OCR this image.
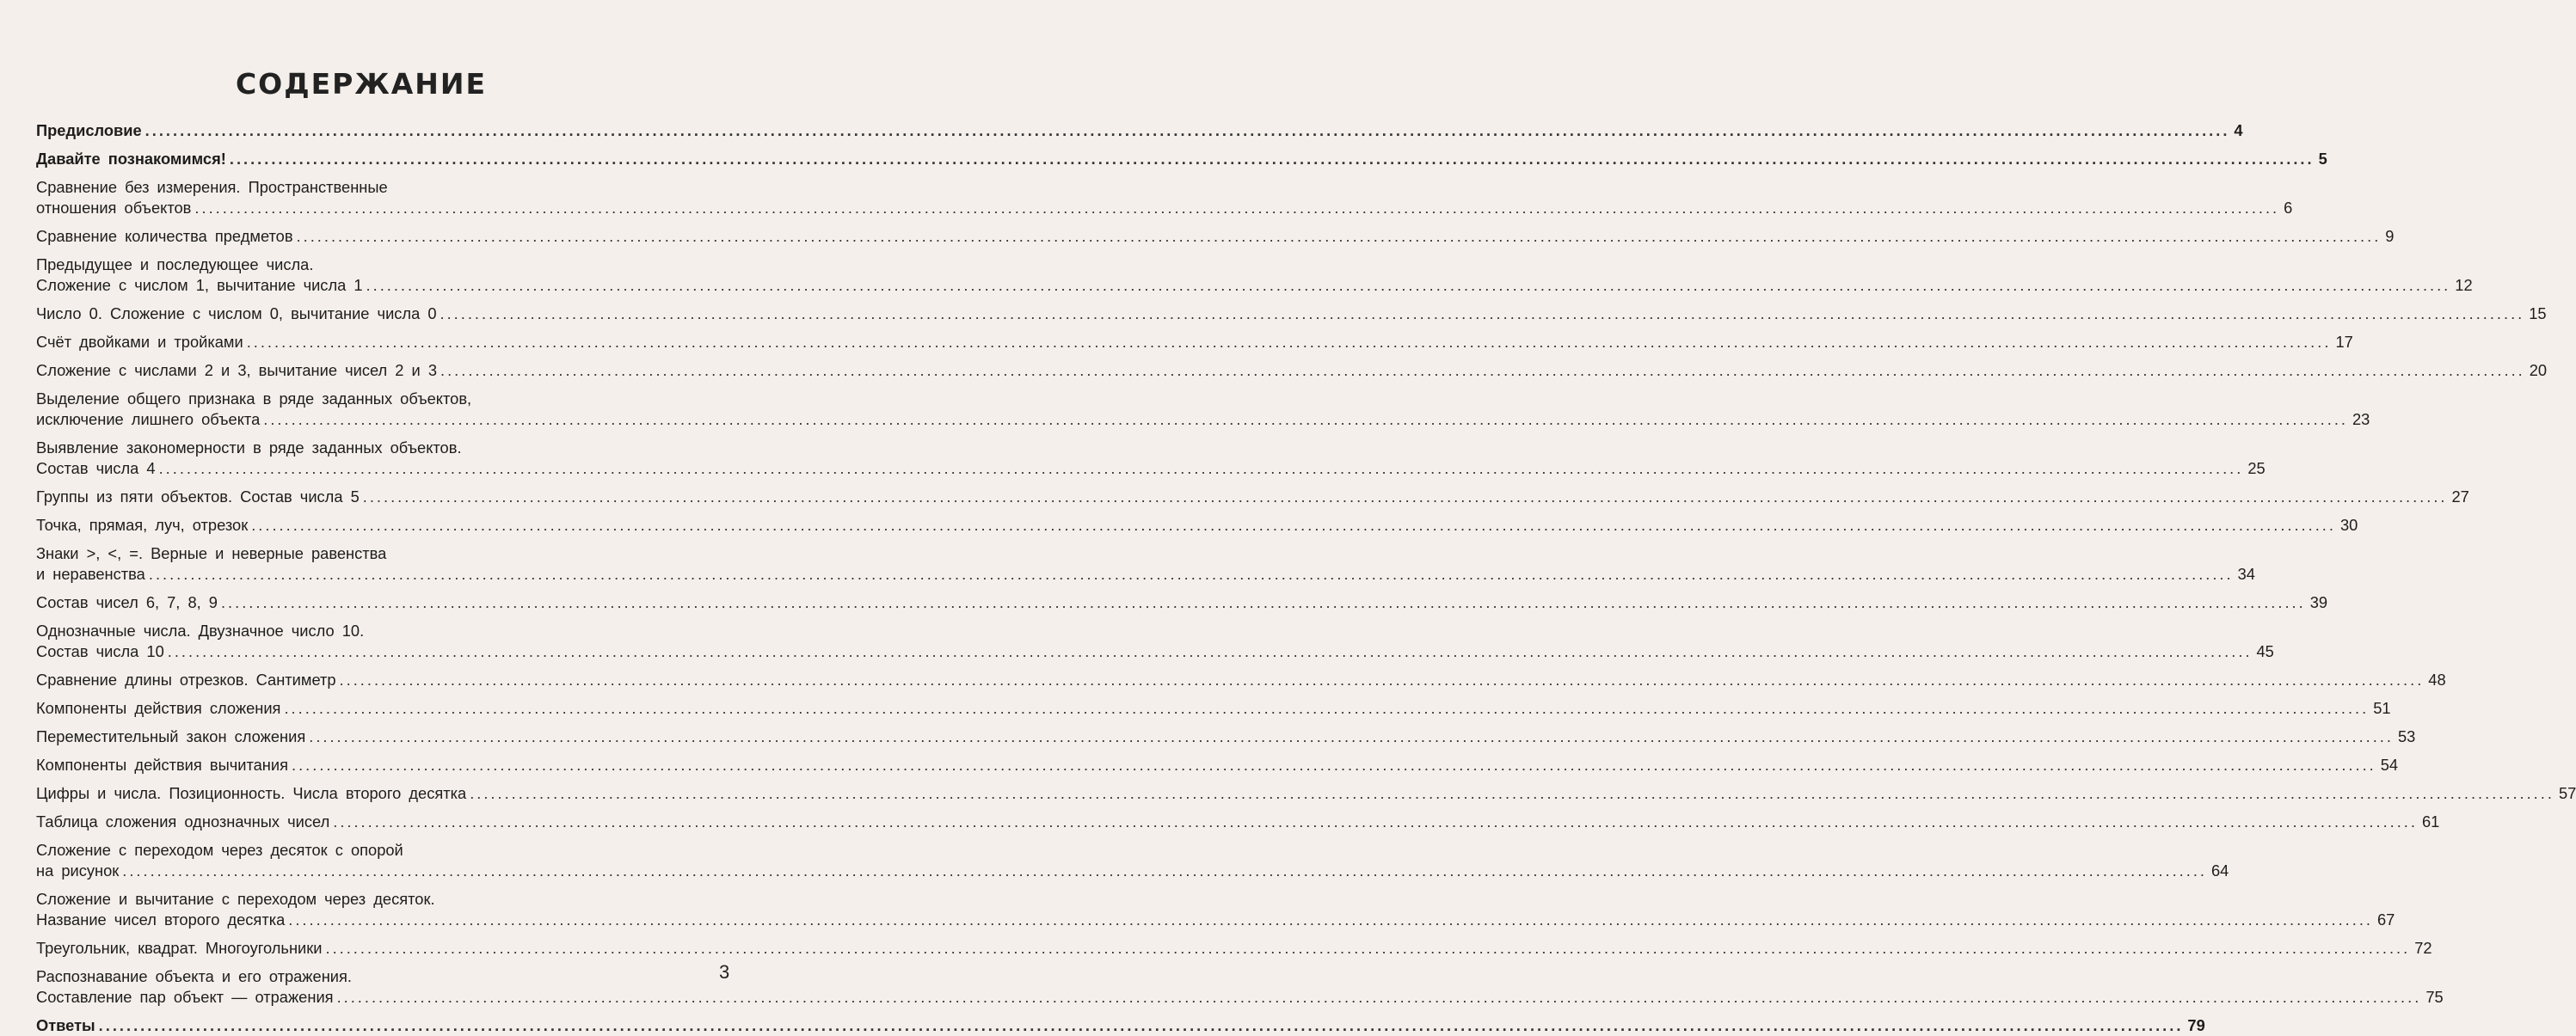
СОДЕРЖАНИЕ
Предисловие ............................................................................................................................................................................................................................................................................................................ 4
Давайте познакомимся! ............................................................................................................................................................................................................................................................................................................ 5
Сравнение без измерения. Пространственные
отношения объектов ............................................................................................................................................................................................................................................................................................................ 6
Сравнение количества предметов ............................................................................................................................................................................................................................................................................................................ 9
Предыдущее и последующее числа.
Сложение с числом 1, вычитание числа 1 ............................................................................................................................................................................................................................................................................................................ 12
Число 0. Сложение с числом 0, вычитание числа 0 ............................................................................................................................................................................................................................................................................................................ 15
Счёт двойками и тройками ............................................................................................................................................................................................................................................................................................................ 17
Сложение с числами 2 и 3, вычитание чисел 2 и 3 ............................................................................................................................................................................................................................................................................................................ 20
Выделение общего признака в ряде заданных объектов,
исключение лишнего объекта ............................................................................................................................................................................................................................................................................................................ 23
Выявление закономерности в ряде заданных объектов.
Состав числа 4 ............................................................................................................................................................................................................................................................................................................ 25
Группы из пяти объектов. Состав числа 5 ............................................................................................................................................................................................................................................................................................................ 27
Точка, прямая, луч, отрезок ............................................................................................................................................................................................................................................................................................................ 30
Знаки >, <, =. Верные и неверные равенства
и неравенства ............................................................................................................................................................................................................................................................................................................ 34
Состав чисел 6, 7, 8, 9 ............................................................................................................................................................................................................................................................................................................ 39
Однозначные числа. Двузначное число 10.
Состав числа 10 ............................................................................................................................................................................................................................................................................................................ 45
Сравнение длины отрезков. Сантиметр ............................................................................................................................................................................................................................................................................................................ 48
Компоненты действия сложения ............................................................................................................................................................................................................................................................................................................ 51
Переместительный закон сложения ............................................................................................................................................................................................................................................................................................................ 53
Компоненты действия вычитания ............................................................................................................................................................................................................................................................................................................ 54
Цифры и числа. Позиционность. Числа второго десятка ............................................................................................................................................................................................................................................................................................................ 57
Таблица сложения однозначных чисел ............................................................................................................................................................................................................................................................................................................ 61
Сложение с переходом через десяток с опорой
на рисунок ............................................................................................................................................................................................................................................................................................................ 64
Сложение и вычитание с переходом через десяток.
Название чисел второго десятка ............................................................................................................................................................................................................................................................................................................ 67
Треугольник, квадрат. Многоугольники ............................................................................................................................................................................................................................................................................................................ 72
Распознавание объекта и его отражения.
Составление пар объект — отражения ............................................................................................................................................................................................................................................................................................................ 75
Ответы ............................................................................................................................................................................................................................................................................................................ 79
3
